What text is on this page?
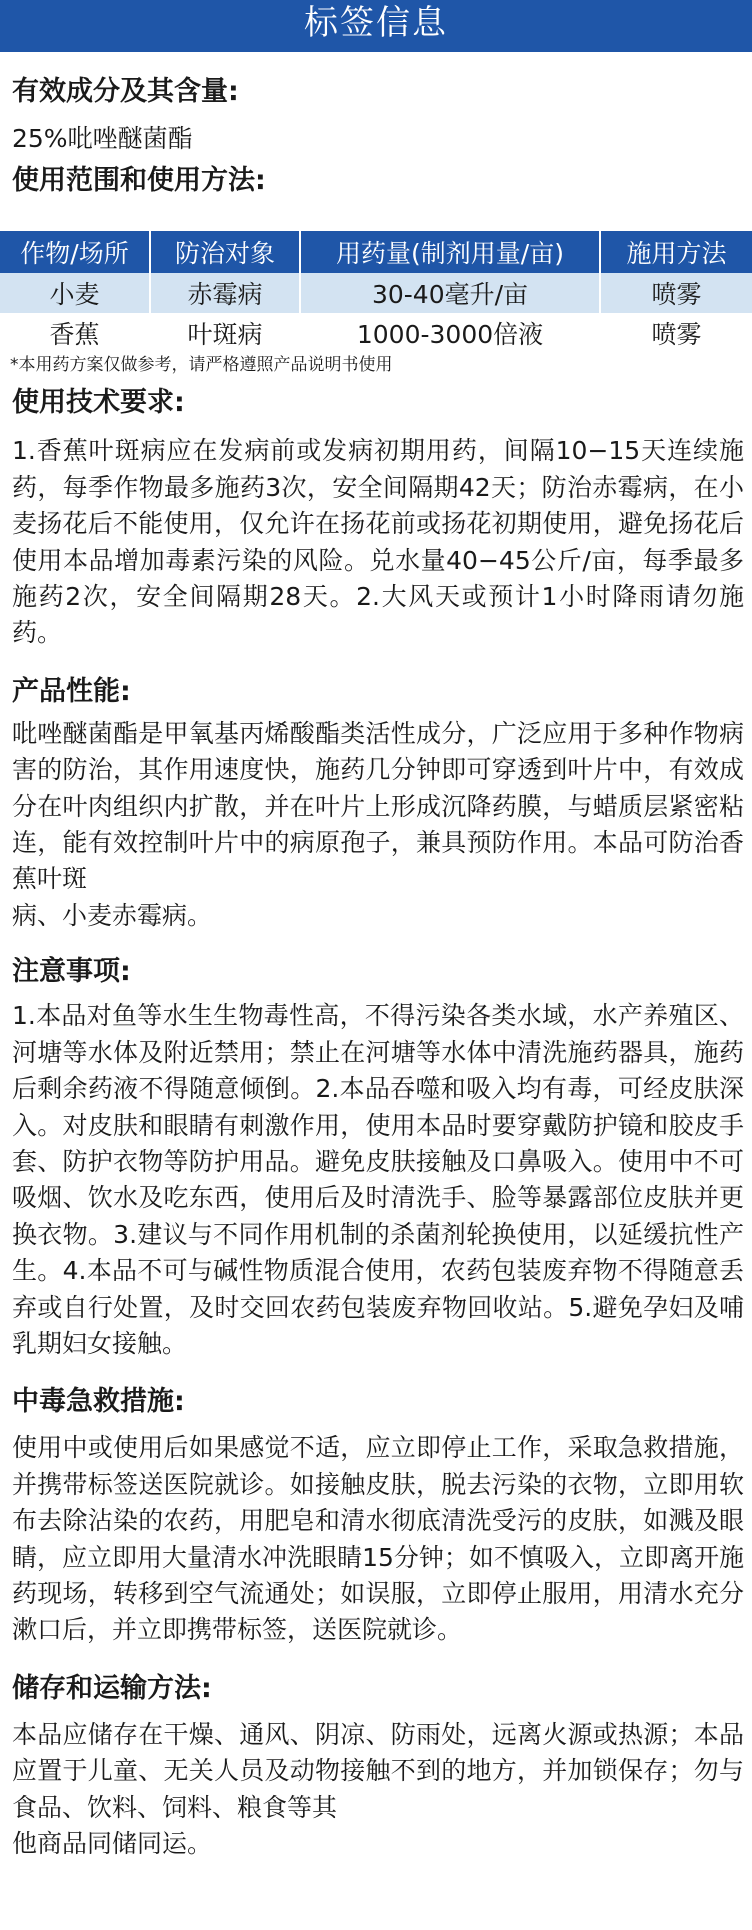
标签信息
有效成分及其含量:
25%吡唑醚菌酯
使用范围和使用方法:
作物/场所	防治对象	用药量(制剂用量/亩)	施用方法
小麦	赤霉病	30-40毫升/亩	喷雾
香蕉	叶斑病	1000-3000倍液	喷雾
*本用药方案仅做参考，请严格遵照产品说明书使用
使用技术要求:
1.香蕉叶斑病应在发病前或发病初期用药，间隔10−15天连续施药，每季作物最多施药3次，安全间隔期42天；防治赤霉病，在小麦扬花后不能使用，仅允许在扬花前或扬花初期使用，避免扬花后使用本品增加毒素污染的风险。兑水量40−45公斤/亩，每季最多施药2次，安全间隔期28天。2.大风天或预计1小时降雨请勿施药。
产品性能:
吡唑醚菌酯是甲氧基丙烯酸酯类活性成分，广泛应用于多种作物病害的防治，其作用速度快，施药几分钟即可穿透到叶片中，有效成分在叶肉组织内扩散，并在叶片上形成沉降药膜，与蜡质层紧密粘连，能有效控制叶片中的病原孢子，兼具预防作用。本品可防治香蕉叶斑
病、小麦赤霉病。
注意事项:
1.本品对鱼等水生生物毒性高，不得污染各类水域，水产养殖区、河塘等水体及附近禁用；禁止在河塘等水体中清洗施药器具，施药后剩余药液不得随意倾倒。2.本品吞噬和吸入均有毒，可经皮肤深入。对皮肤和眼睛有刺激作用，使用本品时要穿戴防护镜和胶皮手套、防护衣物等防护用品。避免皮肤接触及口鼻吸入。使用中不可吸烟、饮水及吃东西，使用后及时清洗手、脸等暴露部位皮肤并更换衣物。3.建议与不同作用机制的杀菌剂轮换使用，以延缓抗性产生。4.本品不可与碱性物质混合使用，农药包装废弃物不得随意丢弃或自行处置，及时交回农药包装废弃物回收站。5.避免孕妇及哺乳期妇女接触。
中毒急救措施:
使用中或使用后如果感觉不适，应立即停止工作，采取急救措施，并携带标签送医院就诊。如接触皮肤，脱去污染的衣物，立即用软布去除沾染的农药，用肥皂和清水彻底清洗受污的皮肤，如溅及眼睛，应立即用大量清水冲洗眼睛15分钟；如不慎吸入，立即离开施药现场，转移到空气流通处；如误服，立即停止服用，用清水充分漱口后，并立即携带标签，送医院就诊。
储存和运输方法:
本品应储存在干燥、通风、阴凉、防雨处，远离火源或热源；本品应置于儿童、无关人员及动物接触不到的地方，并加锁保存；勿与食品、饮料、饲料、粮食等其
他商品同储同运。
